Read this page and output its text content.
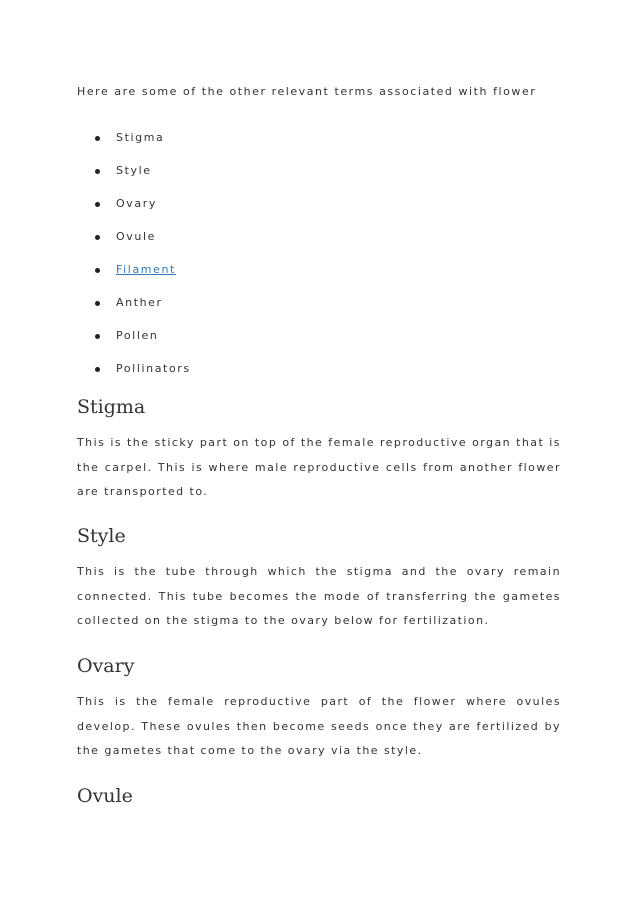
Here are some of the other relevant terms associated with flower

Stigma
Style
Ovary
Ovule
Filament
Anther
Pollen
Pollinators
Stigma

This is the sticky part on top of the female reproductive organ that is the carpel. This is where male reproductive cells from another flower are transported to.

Style

This is the tube through which the stigma and the ovary remain connected. This tube becomes the mode of transferring the gametes collected on the stigma to the ovary below for fertilization.

Ovary

This is the female reproductive part of the flower where ovules develop. These ovules then become seeds once they are fertilized by the gametes that come to the ovary via the style.

Ovule
